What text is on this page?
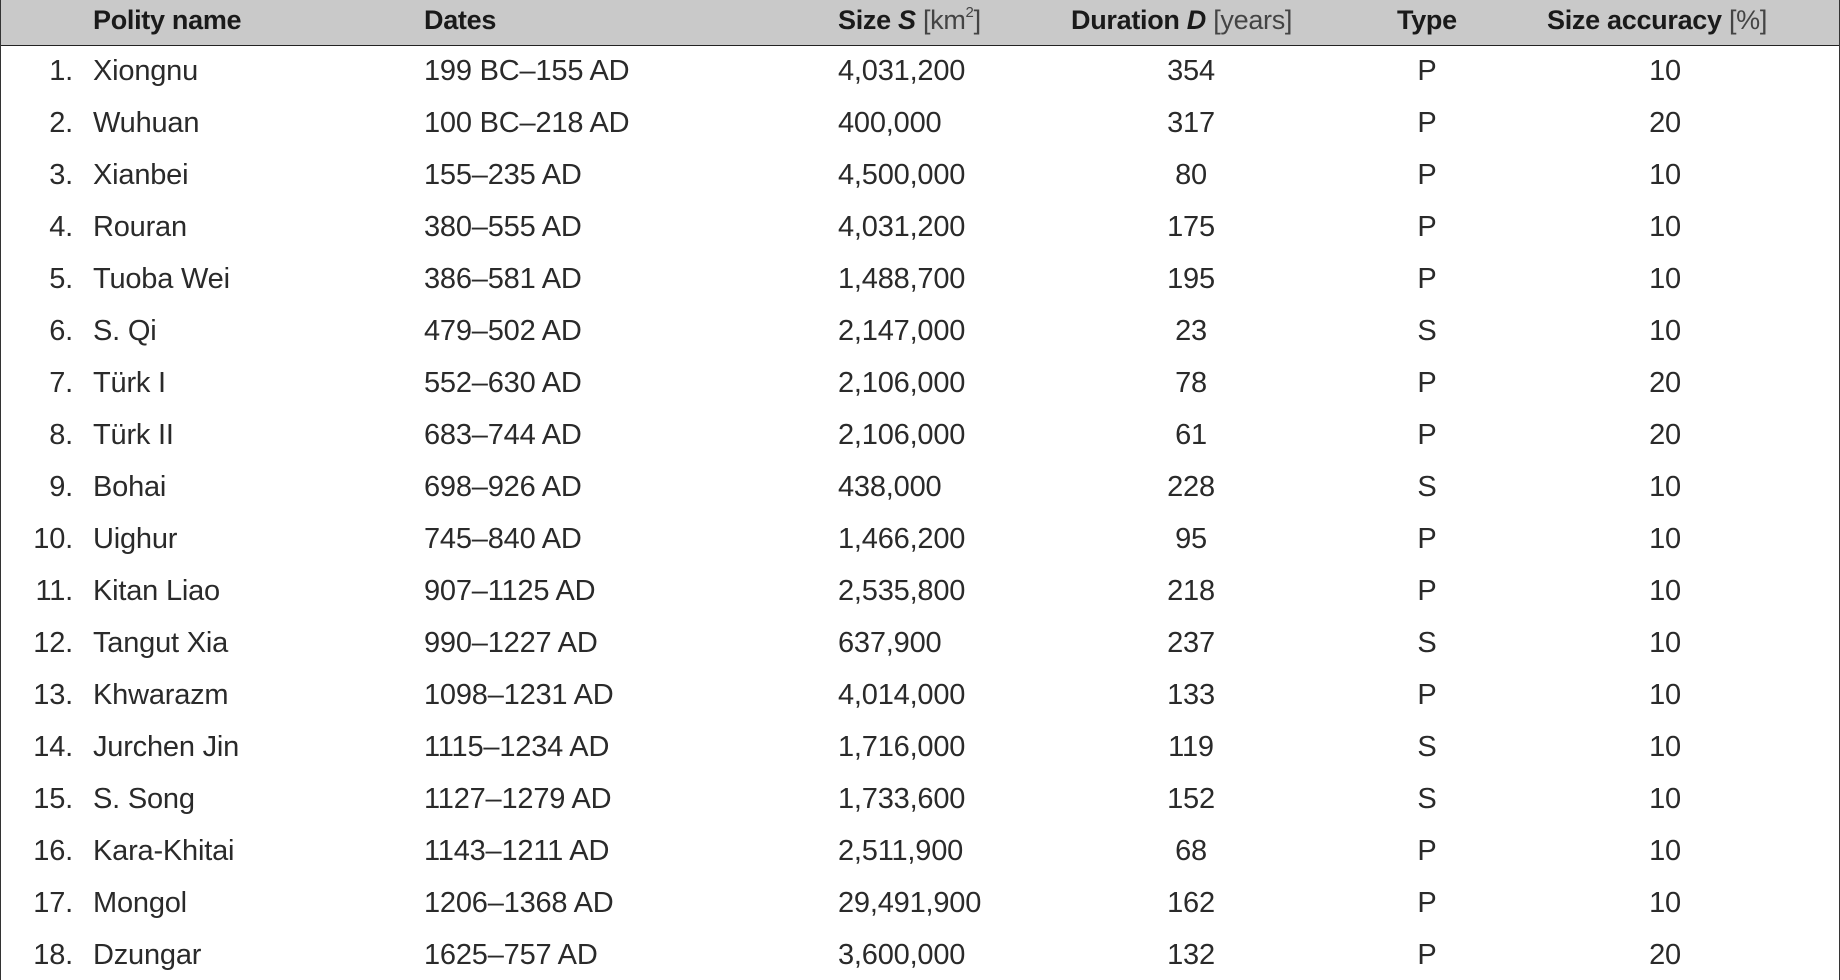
Polity name	Dates	Size S $[km^2]$	Duration D [years]	Type	Size accuracy [%]
1. Xiongnu	199 BC–155 AD	4,031,200	354	P	10
2. Wuhuan	100 BC–218 AD	400,000	317	P	20
3. Xianbei	155–235 AD	4,500,000	80	P	10
4. Rouran	380–555 AD	4,031,200	175	P	10
5. Tuoba Wei	386–581 AD	1,488,700	195	P	10
6. S. Qi	479–502 AD	2,147,000	23	S	10
7. Türk I	552–630 AD	2,106,000	78	P	20
8. Türk II	683–744 AD	2,106,000	61	P	20
9. Bohai	698–926 AD	438,000	228	S	10
10. Uighur	745–840 AD	1,466,200	95	P	10
11. Kitan Liao	907–1125 AD	2,535,800	218	P	10
12. Tangut Xia	990–1227 AD	637,900	237	S	10
13. Khwarazm	1098–1231 AD	4,014,000	133	P	10
14. Jurchen Jin	1115–1234 AD	1,716,000	119	S	10
15. S. Song	1127–1279 AD	1,733,600	152	S	10
16. Kara-Khitai	1143–1211 AD	2,511,900	68	P	10
17. Mongol	1206–1368 AD	29,491,900	162	P	10
18. Dzungar	1625–757 AD	3,600,000	132	P	20
